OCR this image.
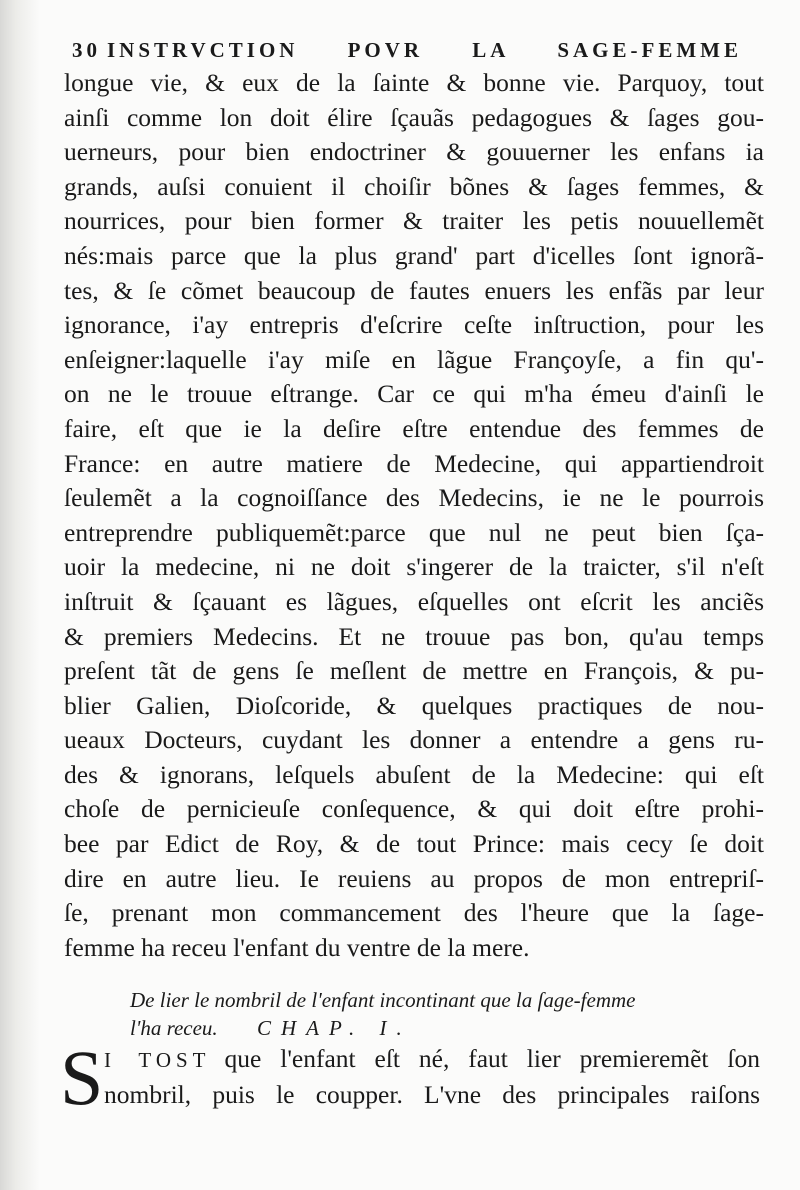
30 INSTRVCTION POVR LA SAGE-FEMME
longue vie, & eux de la ſainte & bonne vie. Parquoy, tout
ainſi comme lon doit élire ſçauãs pedagogues & ſages gou-
uerneurs, pour bien endoctriner & gouuerner les enfans ia
grands, auſsi conuient il choiſir bõnes & ſages femmes, &
nourrices, pour bien former & traiter les petis nouuellemẽt
nés:mais parce que la plus grand' part d'icelles ſont ignorã-
tes, & ſe cõmet beaucoup de fautes enuers les enfãs par leur
ignorance, i'ay entrepris d'eſcrire ceſte inſtruction, pour les
enſeigner:laquelle i'ay miſe en lãgue Françoyſe, a fin qu'-
on ne le trouue eſtrange. Car ce qui m'ha émeu d'ainſi le
faire, eſt que ie la deſire eſtre entendue des femmes de
France: en autre matiere de Medecine, qui appartiendroit
ſeulemẽt a la cognoiſſance des Medecins, ie ne le pourrois
entreprendre publiquemẽt:parce que nul ne peut bien ſça-
uoir la medecine, ni ne doit s'ingerer de la traicter, s'il n'eſt
inſtruit & ſçauant es lãgues, eſquelles ont eſcrit les anciẽs
& premiers Medecins. Et ne trouue pas bon, qu'au temps
preſent tãt de gens ſe meſlent de mettre en François, & pu-
blier Galien, Dioſcoride, & quelques practiques de nou-
ueaux Docteurs, cuydant les donner a entendre a gens ru-
des & ignorans, leſquels abuſent de la Medecine: qui eſt
choſe de pernicieuſe conſequence, & qui doit eſtre prohi-
bee par Edict de Roy, & de tout Prince: mais cecy ſe doit
dire en autre lieu. Ie reuiens au propos de mon entrepriſ-
ſe, prenant mon commancement des l'heure que la ſage-
femme ha receu l'enfant du ventre de la mere.
De lier le nombril de l'enfant incontinant que la ſage-femme
l'ha receu. CHAP. I.
S I TOST que l'enfant eſt né, faut lier premieremẽt ſon
nombril, puis le coupper. L'vne des principales raiſons
